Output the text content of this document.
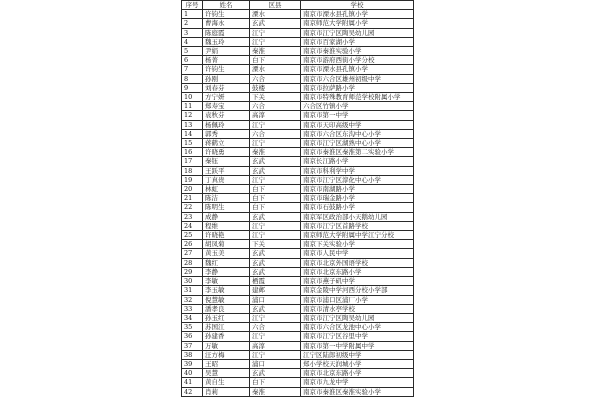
序号	姓名	区县	学校
1	许钧生	溧水	南京市溧水县孔镇小学
2	曹海永	玄武	南京师范大学附属小学
3	陈庭霞	江宁	南京市江宁区陶吴幼儿园
4	魏玉玲	江宁	南京市百家湖小学
5	尹娟	秦淮	南京市秦淮实验小学
6	杨菁	白下	南京市游府西街小学分校
7	许钧生	溧水	南京市溧水县孔镇小学
8	孙刚	六合	南京市六合区雄州初级中学
9	刘春芬	鼓楼	南京市拉萨路小学
10	方宁妍	下关	南京市特殊教育师范学校附属小学
11	郑寿宝	六合	六合区竹镇小学
12	袁秋芬	高淳	南京市第一中学
13	杨佩玲	江宁	南京市天印高级中学
14	郭秀	六合	南京市六合区东沟中心小学
15	蒋鹤立	江宁	南京市江宁区湖熟中心小学
16	许晓勇	秦淮	南京市秦淮区秦淮第二实验小学
17	秦钰	玄武	南京长江路小学
18	王跃平	玄武	南京市科利学中学
19	丁真贵	江宁	南京市江宁区淳化中心小学
20	林虹	白下	南京市南湖路小学
21	陈洁	白下	南京市瑞金路小学
22	陈明生	白下	南京市石鼓路小学
23	成静	玄武	南京军区政治部小天鹅幼儿园
24	程维	江宁	南京市江宁区首路学校
25	许晓艳	江宁	南京师范大学附属中学江宁分校
26	胡凤菊	下关	南京下关实验小学
27	黄玉美	玄武	南京市人民中学
28	魏红	玄武	南京市北京外国语学校
29	李静	玄武	南京市北京东路小学
30	李敏	栖霞	南京市燕子矶中学
31	李玉敏	建邺	南京金陵中学河西分校小学部
32	倪慧敏	浦口	南京市浦口区浦厂小学
33	潘孝良	玄武	南京市清水亭学校
34	孙玉红	江宁	南京市江宁区陶吴幼儿园
35	苏国江	六合	南京市六合区龙池中心小学
36	孙建香	江宁	南京市江宁区谷里中学
37	万敏	高淳	南京市第一中学附属中学
38	汪方梅	江宁	江宁区陆郎初级中学
39	王昭	浦口	郑小学校天润城小学
40	吴慧	玄武	南京市北京东路小学
41	黄自生	白下	南京市九龙中学
42	肖莉	秦淮	南京市秦淮区秦淮实验小学
